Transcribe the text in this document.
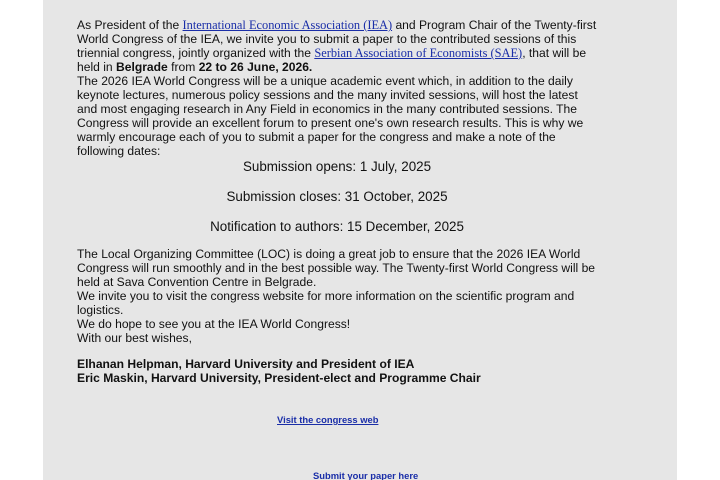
As President of the International Economic Association (IEA) and Program Chair of the Twenty-first World Congress of the IEA, we invite you to submit a paper to the contributed sessions of this triennial congress, jointly organized with the Serbian Association of Economists (SAE), that will be held in Belgrade from 22 to 26 June, 2026.

The 2026 IEA World Congress will be a unique academic event which, in addition to the daily keynote lectures, numerous policy sessions and the many invited sessions, will host the latest and most engaging research in Any Field in economics in the many contributed sessions. The Congress will provide an excellent forum to present one's own research results. This is why we warmly encourage each of you to submit a paper for the congress and make a note of the following dates:

Submission opens: 1 July, 2025

Submission closes: 31 October, 2025

Notification to authors: 15 December, 2025

The Local Organizing Committee (LOC) is doing a great job to ensure that the 2026 IEA World Congress will run smoothly and in the best possible way. The Twenty-first World Congress will be held at Sava Convention Centre in Belgrade.

We invite you to visit the congress website for more information on the scientific program and logistics.

We do hope to see you at the IEA World Congress!

With our best wishes,

Elhanan Helpman, Harvard University and President of IEA

Eric Maskin, Harvard University, President-elect and Programme Chair

Visit the congress web
Submit your paper here
